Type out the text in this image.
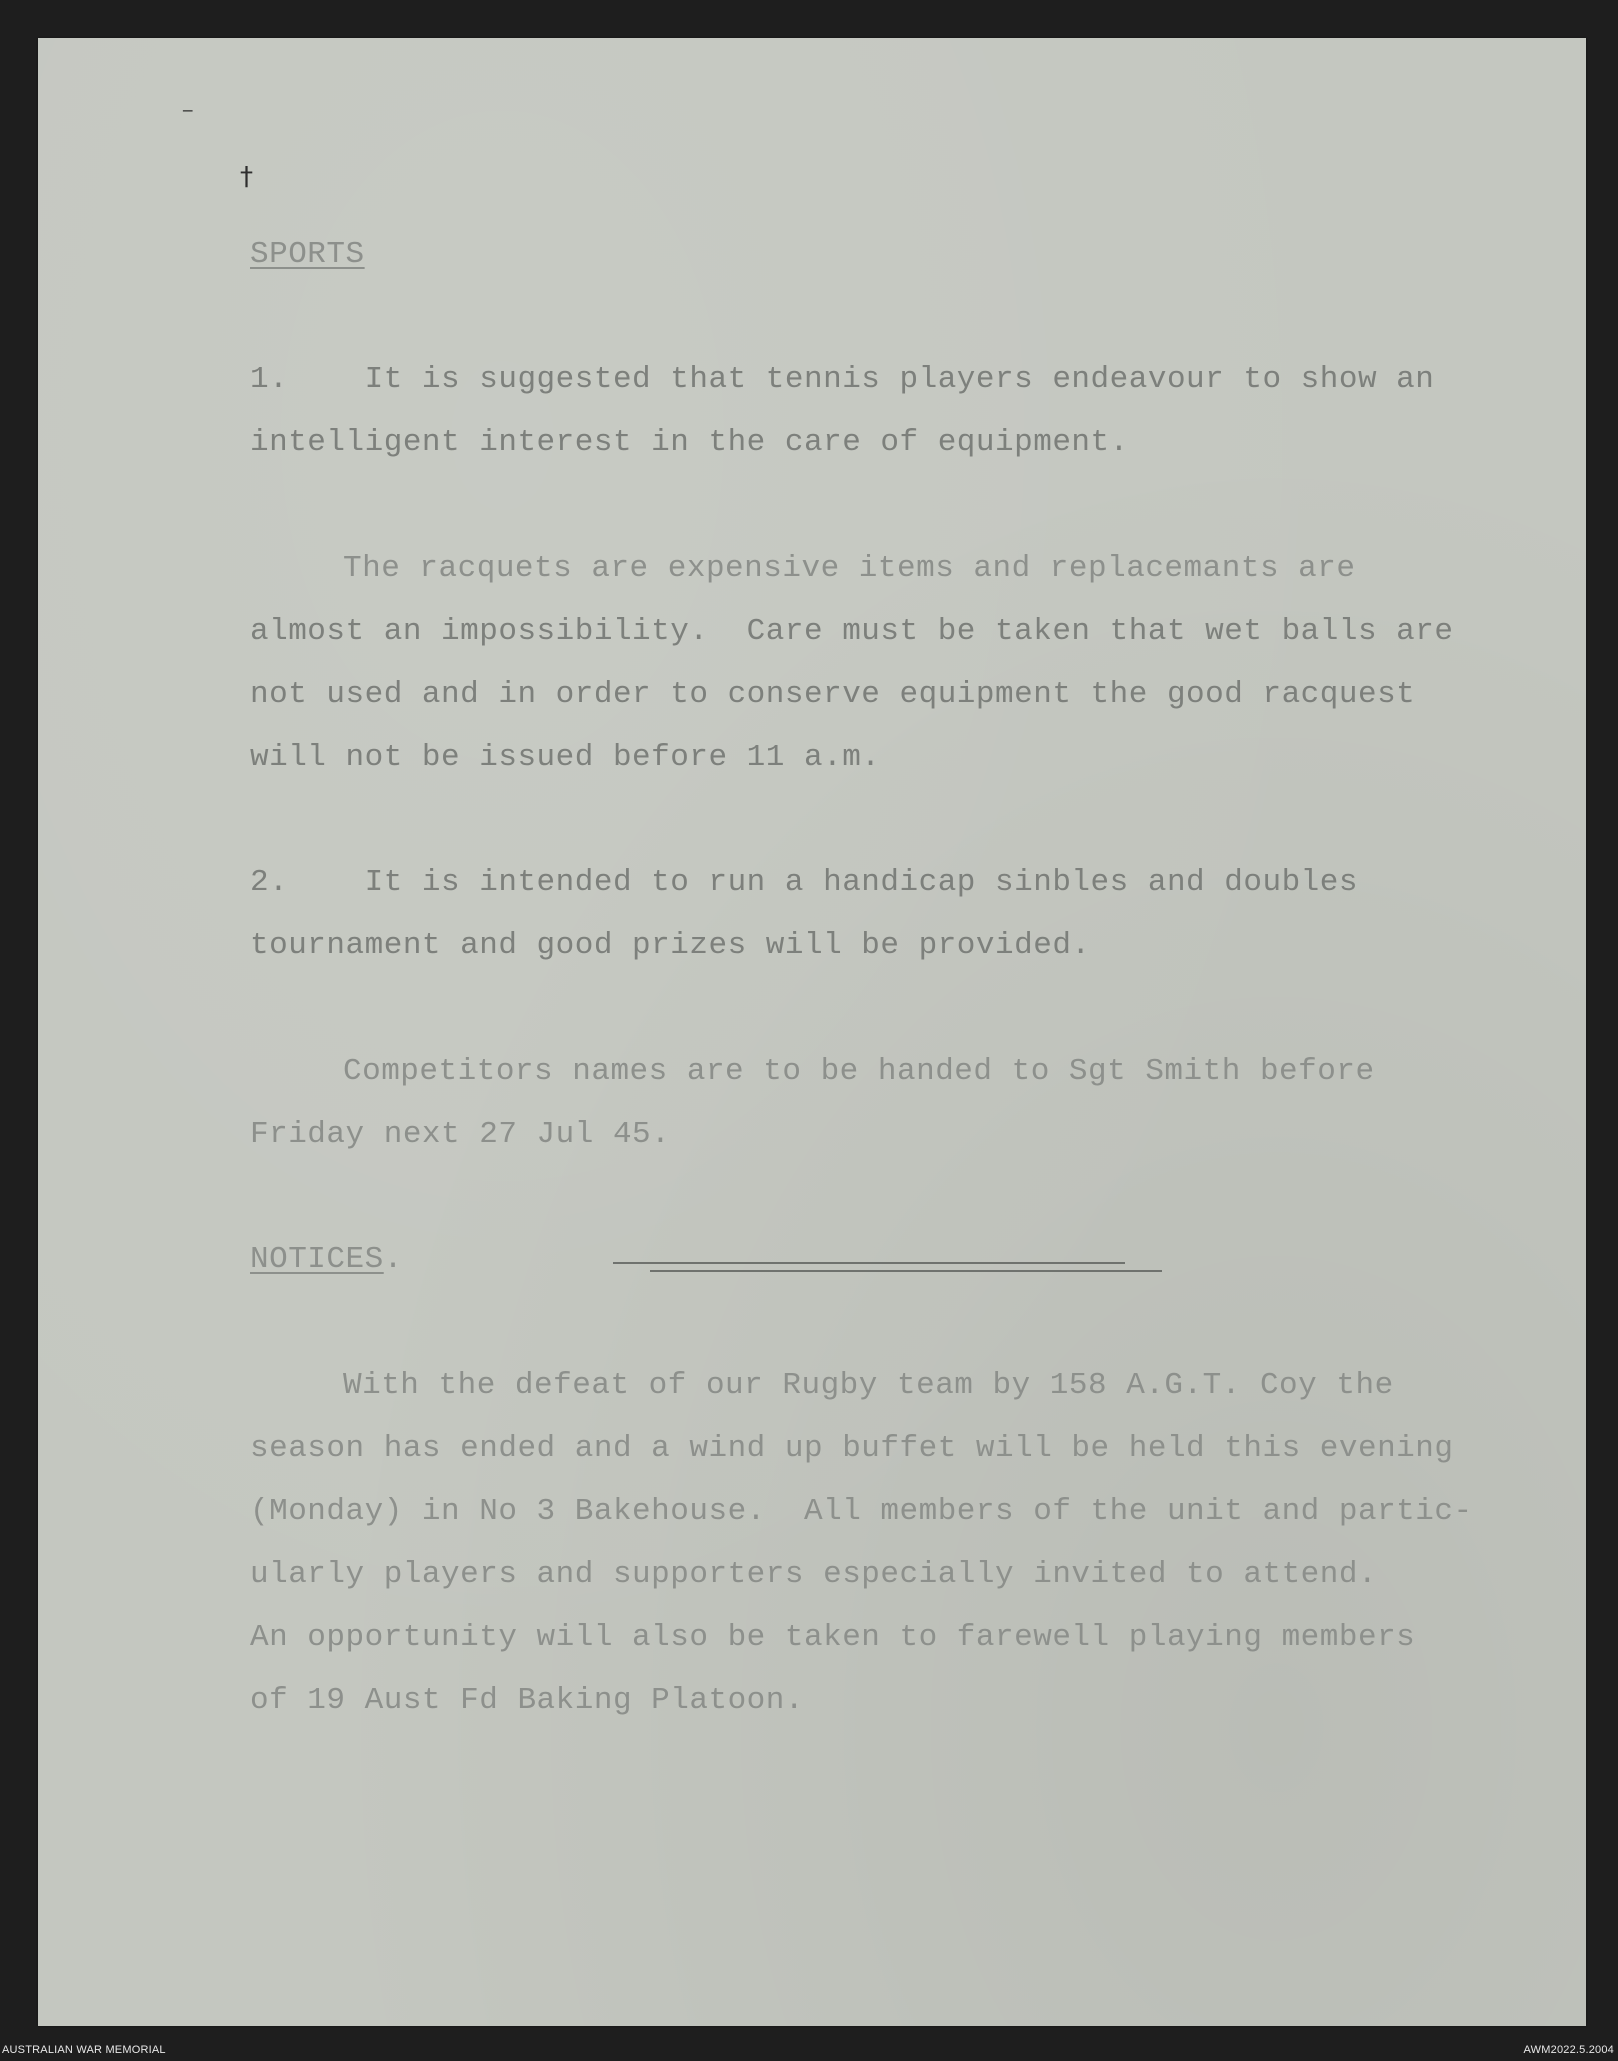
‒
†

SPORTS

1.    It is suggested that tennis players endeavour to show an

intelligent interest in the care of equipment.

The racquets are expensive items and replacemants are

almost an impossibility.  Care must be taken that wet balls are

not used and in order to conserve equipment the good racquest

will not be issued before 11 a.m.

2.    It is intended to run a handicap sinbles and doubles

tournament and good prizes will be provided.

Competitors names are to be handed to Sgt Smith before

Friday next 27 Jul 45.

NOTICES.

With the defeat of our Rugby team by 158 A.G.T. Coy the

season has ended and a wind up buffet will be held this evening

(Monday) in No 3 Bakehouse.  All members of the unit and partic-

ularly players and supporters especially invited to attend.

An opportunity will also be taken to farewell playing members

of 19 Aust Fd Baking Platoon.

AUSTRALIAN WAR MEMORIAL	AWM2022.5.2004
